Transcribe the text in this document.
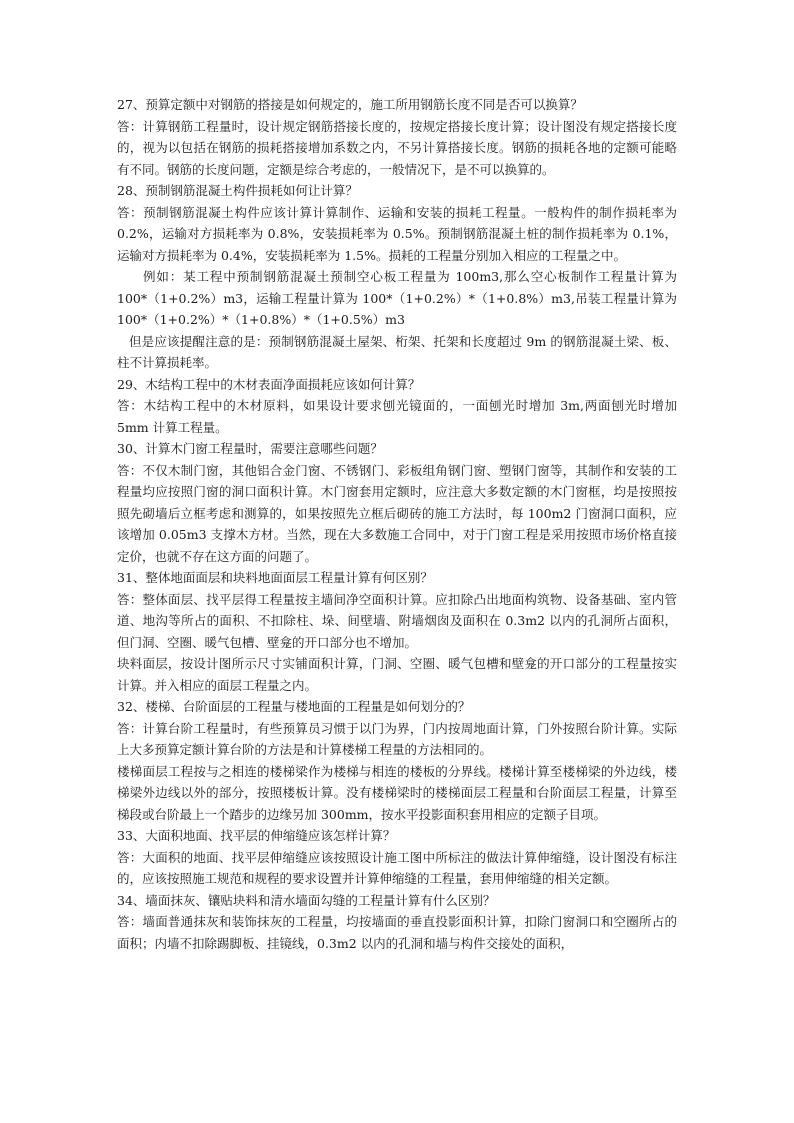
27、预算定额中对钢筋的搭接是如何规定的，施工所用钢筋长度不同是否可以换算？

答：计算钢筋工程量时，设计规定钢筋搭接长度的，按规定搭接长度计算；设计图没有规定搭接长度的，视为以包括在钢筋的损耗搭接增加系数之内，不另计算搭接长度。钢筋的损耗各地的定额可能略有不同。钢筋的长度问题，定额是综合考虑的，一般情况下，是不可以换算的。

28、预制钢筋混凝土构件损耗如何让计算？

答：预制钢筋混凝土构件应该计算计算制作、运输和安装的损耗工程量。一般构件的制作损耗率为 0.2%，运输对方损耗率为 0.8%，安装损耗率为 0.5%。预制钢筋混凝土桩的制作损耗率为 0.1%，运输对方损耗率为 0.4%，安装损耗率为 1.5%。损耗的工程量分别加入相应的工程量之中。

例如：某工程中预制钢筋混凝土预制空心板工程量为 100m3,那么空心板制作工程量计算为 100*（1+0.2%）m3，运输工程量计算为 100*（1+0.2%）*（1+0.8%）m3,吊装工程量计算为 100*（1+0.2%）*（1+0.8%）*（1+0.5%）m3

但是应该提醒注意的是：预制钢筋混凝土屋架、桁架、托架和长度超过 9m 的钢筋混凝土梁、板、柱不计算损耗率。

29、木结构工程中的木材表面净面损耗应该如何计算？

答：木结构工程中的木材原料，如果设计要求刨光镜面的，一面刨光时增加 3m,两面刨光时增加 5mm 计算工程量。

30、计算木门窗工程量时，需要注意哪些问题？

答：不仅木制门窗，其他铝合金门窗、不锈钢门、彩板组角钢门窗、塑钢门窗等，其制作和安装的工程量均应按照门窗的洞口面积计算。木门窗套用定额时，应注意大多数定额的木门窗框，均是按照按照先砌墙后立框考虑和测算的，如果按照先立框后砌砖的施工方法时，每 100m2 门窗洞口面积，应该增加 0.05m3 支撑木方材。当然，现在大多数施工合同中，对于门窗工程是采用按照市场价格直接定价，也就不存在这方面的问题了。

31、整体地面面层和块料地面面层工程量计算有何区别？

答：整体面层、找平层得工程量按主墙间净空面积计算。应扣除凸出地面构筑物、设备基础、室内管道、地沟等所占的面积、不扣除柱、垛、间壁墙、附墙烟囱及面积在 0.3m2 以内的孔洞所占面积，但门洞、空圈、暖气包槽、壁龛的开口部分也不增加。

块料面层，按设计图所示尺寸实铺面积计算，门洞、空圈、暖气包槽和壁龛的开口部分的工程量按实计算。并入相应的面层工程量之内。

32、楼梯、台阶面层的工程量与楼地面的工程量是如何划分的？

答：计算台阶工程量时，有些预算员习惯于以门为界，门内按周地面计算，门外按照台阶计算。实际上大多预算定额计算台阶的方法是和计算楼梯工程量的方法相同的。

楼梯面层工程按与之相连的楼梯梁作为楼梯与相连的楼板的分界线。楼梯计算至楼梯梁的外边线，楼梯梁外边线以外的部分，按照楼板计算。没有楼梯梁时的楼梯面层工程量和台阶面层工程量，计算至梯段或台阶最上一个踏步的边缘另加 300mm，按水平投影面积套用相应的定额子目项。

33、大面积地面、找平层的伸缩缝应该怎样计算？

答：大面积的地面、找平层伸缩缝应该按照设计施工图中所标注的做法计算伸缩缝，设计图没有标注的，应该按照施工规范和规程的要求设置并计算伸缩缝的工程量，套用伸缩缝的相关定额。

34、墙面抹灰、镶贴块料和清水墙面勾缝的工程量计算有什么区别？

答：墙面普通抹灰和装饰抹灰的工程量，均按墙面的垂直投影面积计算，扣除门窗洞口和空圈所占的面积；内墙不扣除踢脚板、挂镜线，0.3m2 以内的孔洞和墙与构件交接处的面积，
